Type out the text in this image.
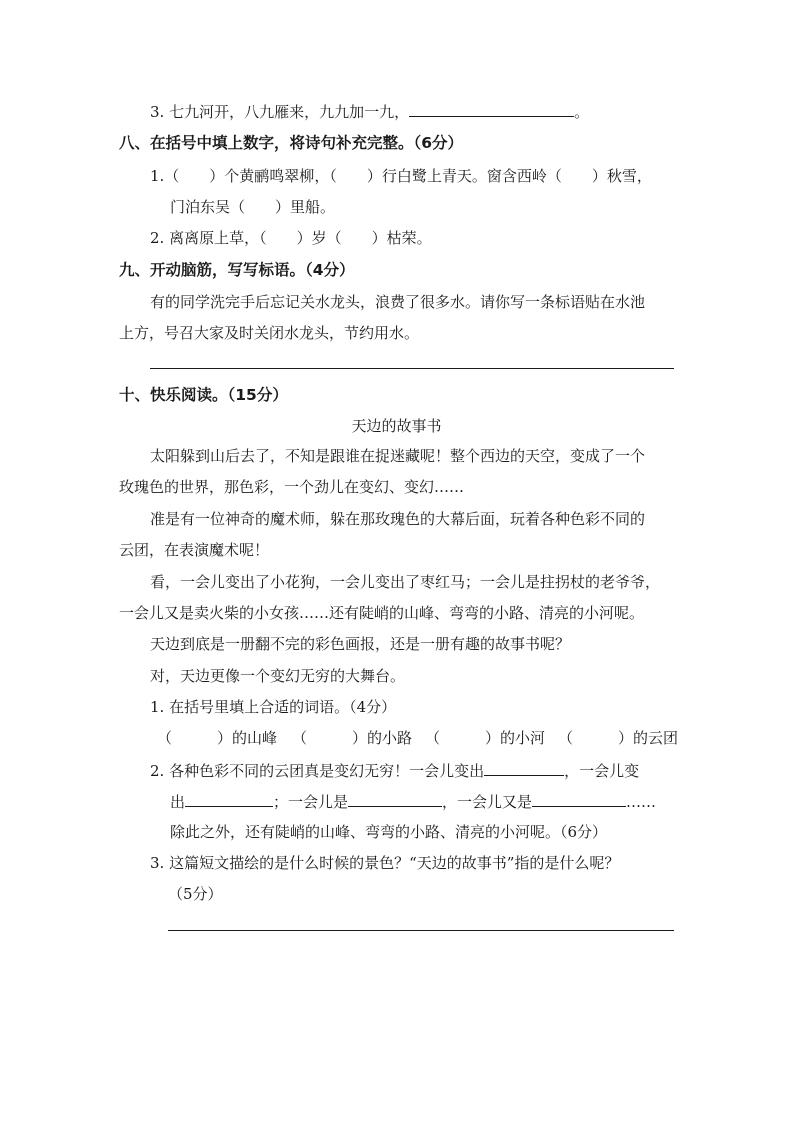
3. 七九河开，八九雁来，九九加一九，	。
八、在括号中填上数字，将诗句补充完整。（6分）
1.（　　）个黄鹂鸣翠柳，（　　）行白鹭上青天。窗含西岭（　　）秋雪，
门泊东吴（　　）里船。
2. 离离原上草，（　　）岁（　　）枯荣。
九、开动脑筋，写写标语。（4分）
有的同学洗完手后忘记关水龙头，浪费了很多水。请你写一条标语贴在水池
上方，号召大家及时关闭水龙头，节约用水。
十、快乐阅读。（15分）
天边的故事书
太阳躲到山后去了，不知是跟谁在捉迷藏呢！整个西边的天空，变成了一个
玫瑰色的世界，那色彩，一个劲儿在变幻、变幻……
准是有一位神奇的魔术师，躲在那玫瑰色的大幕后面，玩着各种色彩不同的
云团，在表演魔术呢！
看，一会儿变出了小花狗，一会儿变出了枣红马；一会儿是拄拐杖的老爷爷，
一会儿又是卖火柴的小女孩……还有陡峭的山峰、弯弯的小路、清亮的小河呢。
天边到底是一册翻不完的彩色画报，还是一册有趣的故事书呢？
对，天边更像一个变幻无穷的大舞台。
1. 在括号里填上合适的词语。（4分）
（　　　）的山峰 （　　　）的小路 （　　　）的小河 （　　　）的云团
2. 各种色彩不同的云团真是变幻无穷！一会儿变出	，一会儿变
出	；一会儿是	，一会儿又是	……
除此之外，还有陡峭的山峰、弯弯的小路、清亮的小河呢。（6分）
3. 这篇短文描绘的是什么时候的景色？“天边的故事书”指的是什么呢？
（5分）
